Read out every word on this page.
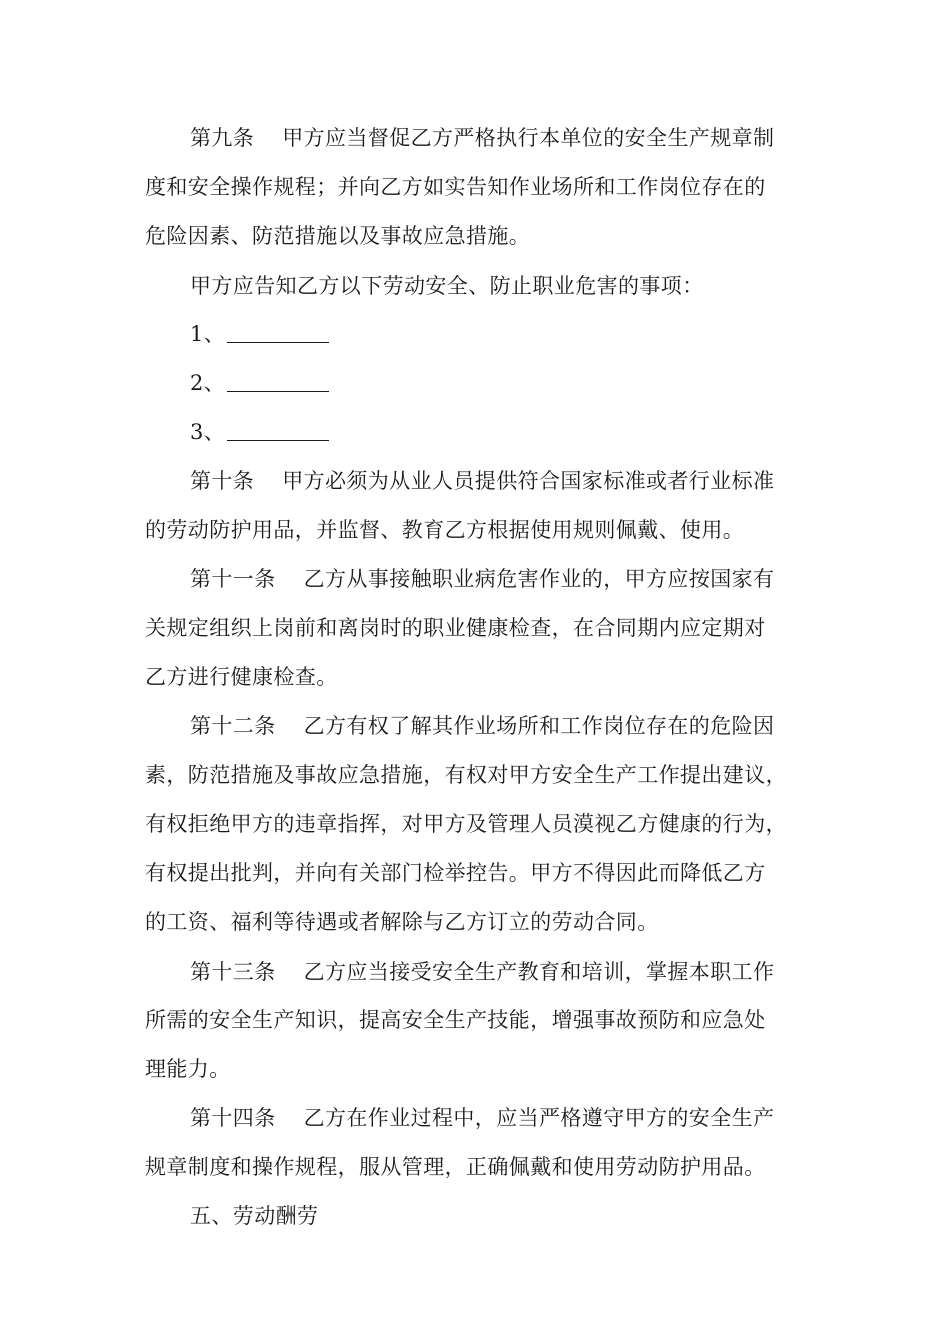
第九条 甲方应当督促乙方严格执行本单位的安全生产规章制
度和安全操作规程；并向乙方如实告知作业场所和工作岗位存在的
危险因素、防范措施以及事故应急措施。
甲方应告知乙方以下劳动安全、防止职业危害的事项：
1、
2、
3、
第十条 甲方必须为从业人员提供符合国家标准或者行业标准
的劳动防护用品，并监督、教育乙方根据使用规则佩戴、使用。
第十一条 乙方从事接触职业病危害作业的，甲方应按国家有
关规定组织上岗前和离岗时的职业健康检查，在合同期内应定期对
乙方进行健康检查。
第十二条 乙方有权了解其作业场所和工作岗位存在的危险因
素，防范措施及事故应急措施，有权对甲方安全生产工作提出建议，
有权拒绝甲方的违章指挥，对甲方及管理人员漠视乙方健康的行为，
有权提出批判，并向有关部门检举控告。甲方不得因此而降低乙方
的工资、福利等待遇或者解除与乙方订立的劳动合同。
第十三条 乙方应当接受安全生产教育和培训，掌握本职工作
所需的安全生产知识，提高安全生产技能，增强事故预防和应急处
理能力。
第十四条 乙方在作业过程中，应当严格遵守甲方的安全生产
规章制度和操作规程，服从管理，正确佩戴和使用劳动防护用品。
五、劳动酬劳
